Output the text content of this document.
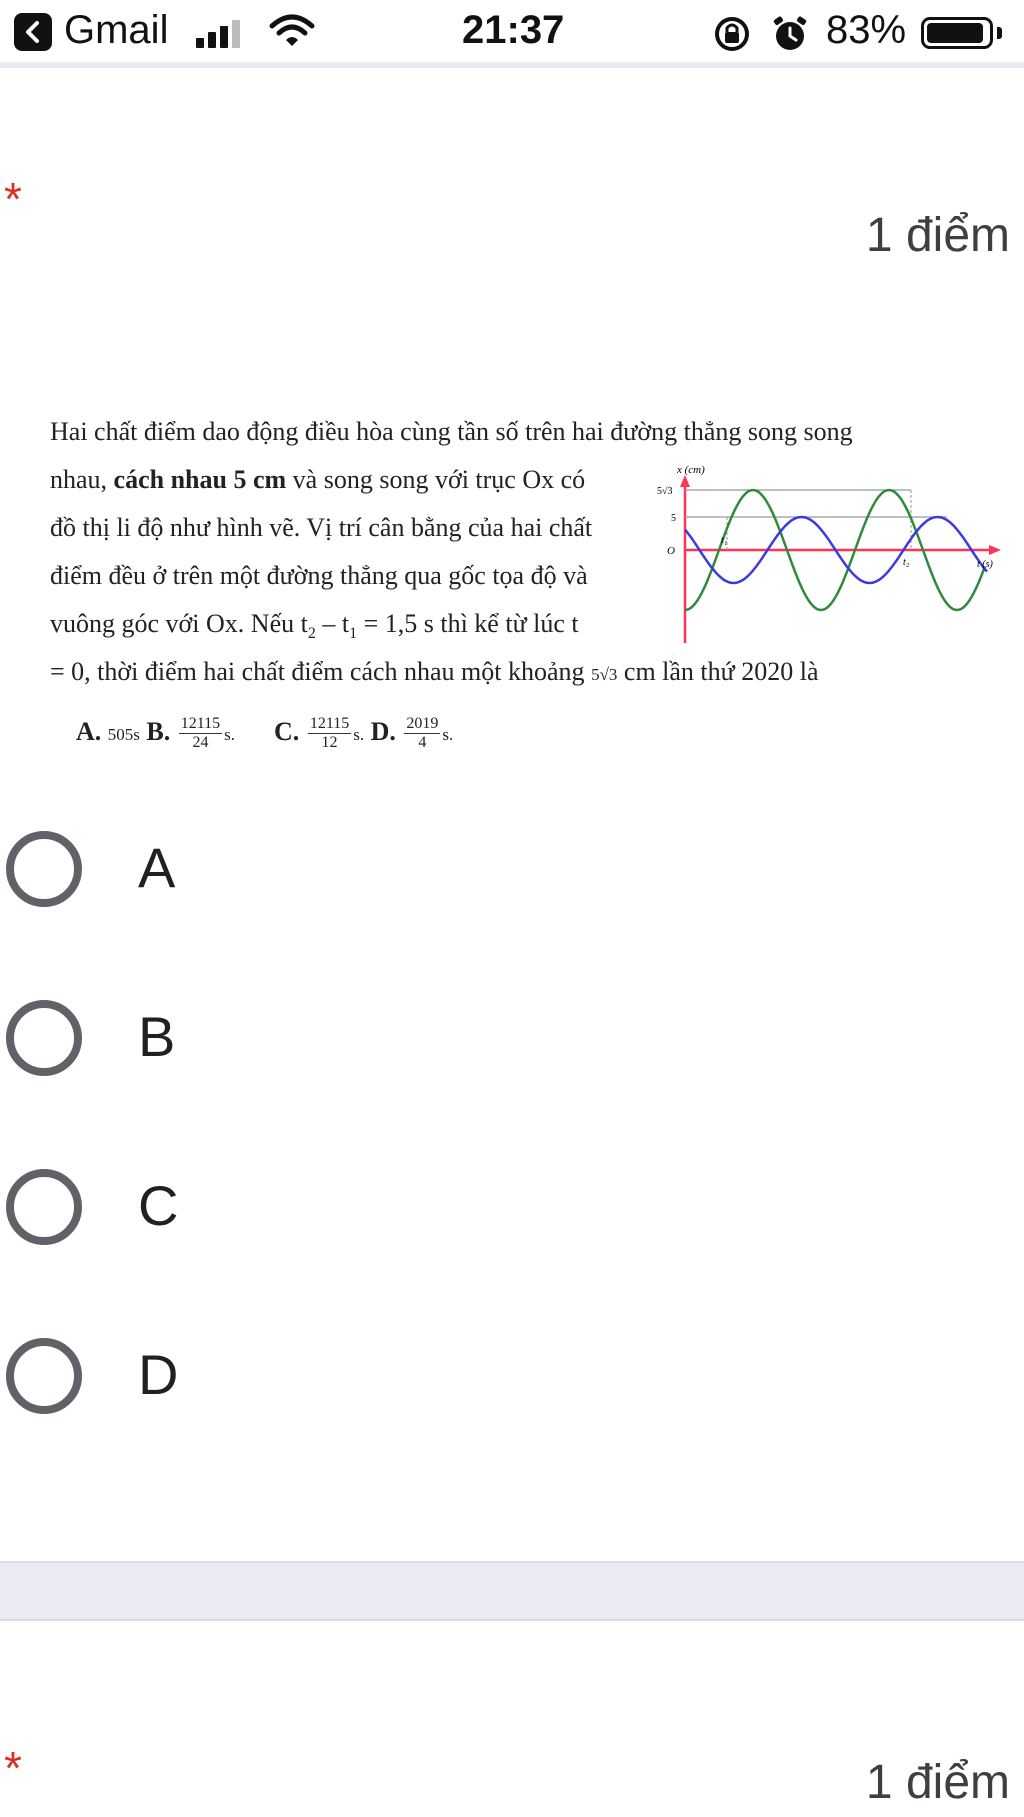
Gmail	21:37	83%
*
1 điểm
Hai chất điểm dao động điều hòa cùng tần số trên hai đường thẳng song song
nhau, cách nhau 5 cm và song song với trục Ox có
đồ thị li độ như hình vẽ. Vị trí cân bằng của hai chất
điểm đều ở trên một đường thẳng qua gốc tọa độ và
vuông góc với Ox. Nếu $t_2 - t_1 = 1,5$ s thì kể từ lúc t
= 0, thời điểm hai chất điểm cách nhau một khoảng 5√3 cm lần thứ 2020 là
A. 505s B. $\frac{12115}{24} s$. C. $\frac{12115}{12} s$. D. $\frac{2019}{4} s$.
x (cm)
5√3
5
O
t₁
t₂	t (s)
A
B
C
D
*	1 điểm
